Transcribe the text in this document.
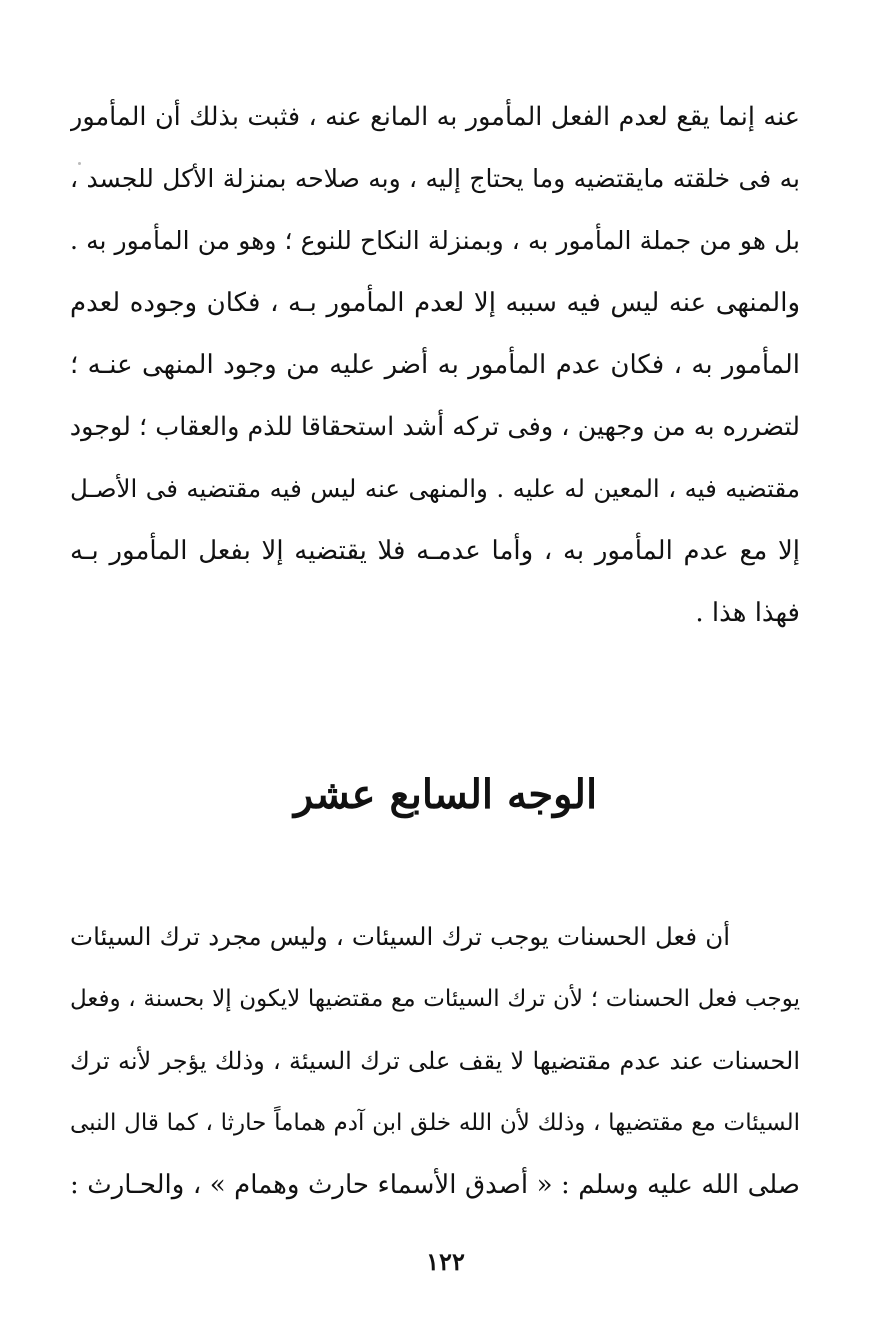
عنه إنما يقع لعدم الفعل المأمور به المانع عنه ، فثبت بذلك أن المأمور
به فى خلقته مايقتضيه وما يحتاج إليه ، وبه صلاحه بمنزلة الأكل للجسد ،
بل هو من جملة المأمور به ، وبمنزلة النكاح للنوع ؛ وهو من المأمور به .
والمنهى عنه ليس فيه سببه إلا لعدم المأمور بـه ، فكان وجوده لعدم
المأمور به ، فكان عدم المأمور به أضر عليه من وجود المنهى عنـه ؛
لتضرره به من وجهين ، وفى تركه أشد استحقاقا للذم والعقاب ؛ لوجود
مقتضيه فيه ، المعين له عليه . والمنهى عنه ليس فيه مقتضيه فى الأصـل
إلا مع عدم المأمور به ، وأما عدمـه فلا يقتضيه إلا بفعل المأمور بـه
فهذا هذا .
الوجه السابع عشر
أن فعل الحسنات يوجب ترك السيئات ، وليس مجرد ترك السيئات
يوجب فعل الحسنات ؛ لأن ترك السيئات مع مقتضيها لايكون إلا بحسنة ، وفعل
الحسنات عند عدم مقتضيها لا يقف على ترك السيئة ، وذلك يؤجر لأنه ترك
السيئات مع مقتضيها ، وذلك لأن الله خلق ابن آدم هماماً حارثا ، كما قال النبى
صلى الله عليه وسلم : « أصدق الأسماء حارث وهمام » ، والحـارث :
١٢٢
